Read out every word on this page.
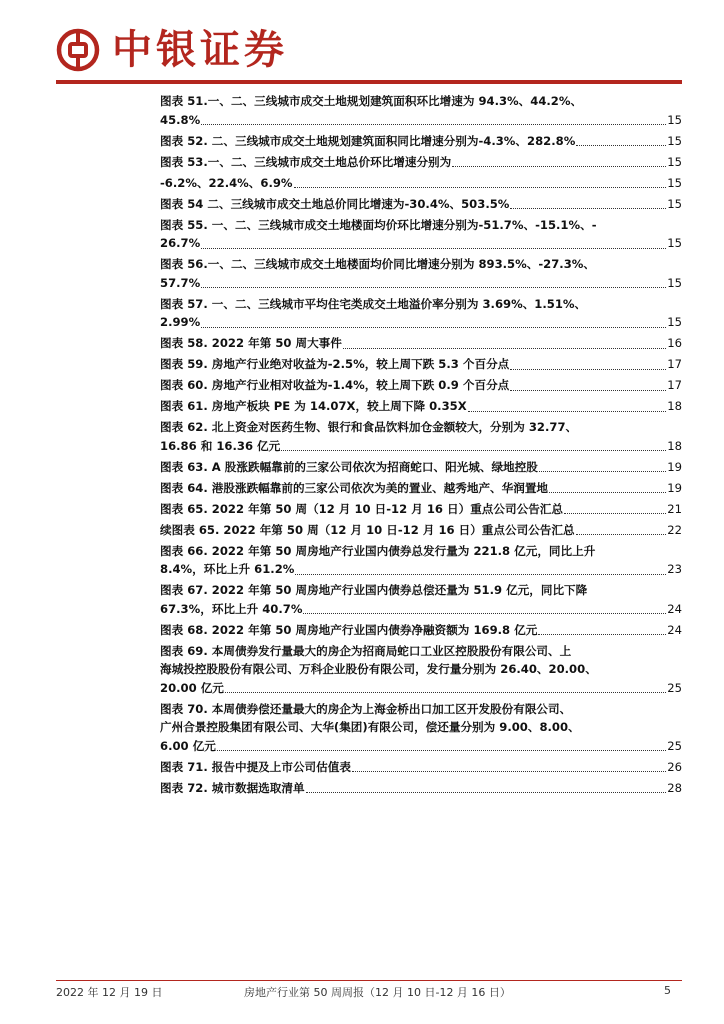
中银证券
图表 51.一、二、三线城市成交土地规划建筑面积环比增速为 94.3%、44.2%、
45.8%	15
图表 52. 二、三线城市成交土地规划建筑面积同比增速分别为-4.3%、282.8%	15
图表 53.一、二、三线城市成交土地总价环比增速分别为	15
-6.2%、22.4%、6.9%	15
图表 54 二、三线城市成交土地总价同比增速为-30.4%、503.5%	15
图表 55. 一、二、三线城市成交土地楼面均价环比增速分别为-51.7%、-15.1%、-
26.7%	15
图表 56.一、二、三线城市成交土地楼面均价同比增速分别为 893.5%、-27.3%、
57.7%	15
图表 57. 一、二、三线城市平均住宅类成交土地溢价率分别为 3.69%、1.51%、
2.99%	15
图表 58. 2022 年第 50 周大事件	16
图表 59. 房地产行业绝对收益为-2.5%，较上周下跌 5.3 个百分点	17
图表 60. 房地产行业相对收益为-1.4%，较上周下跌 0.9 个百分点	17
图表 61. 房地产板块 PE 为 14.07X，较上周下降 0.35X	18
图表 62. 北上资金对医药生物、银行和食品饮料加仓金额较大，分别为 32.77、
16.86 和 16.36 亿元	18
图表 63. A 股涨跌幅靠前的三家公司依次为招商蛇口、阳光城、绿地控股	19
图表 64. 港股涨跌幅靠前的三家公司依次为美的置业、越秀地产、华润置地	19
图表 65. 2022 年第 50 周（12 月 10 日-12 月 16 日）重点公司公告汇总	21
续图表 65. 2022 年第 50 周（12 月 10 日-12 月 16 日）重点公司公告汇总	22
图表 66. 2022 年第 50 周房地产行业国内债券总发行量为 221.8 亿元，同比上升
8.4%，环比上升 61.2%	23
图表 67. 2022 年第 50 周房地产行业国内债券总偿还量为 51.9 亿元，同比下降
67.3%，环比上升 40.7%	24
图表 68. 2022 年第 50 周房地产行业国内债券净融资额为 169.8 亿元	24
图表 69. 本周债券发行量最大的房企为招商局蛇口工业区控股股份有限公司、上
海城投控股股份有限公司、万科企业股份有限公司，发行量分别为 26.40、20.00、
20.00 亿元	25
图表 70. 本周债券偿还量最大的房企为上海金桥出口加工区开发股份有限公司、
广州合景控股集团有限公司、大华(集团)有限公司，偿还量分别为 9.00、8.00、
6.00 亿元	25
图表 71. 报告中提及上市公司估值表	26
图表 72. 城市数据选取清单	28
2022 年 12 月 19 日	房地产行业第 50 周周报（12 月 10 日-12 月 16 日）	5
